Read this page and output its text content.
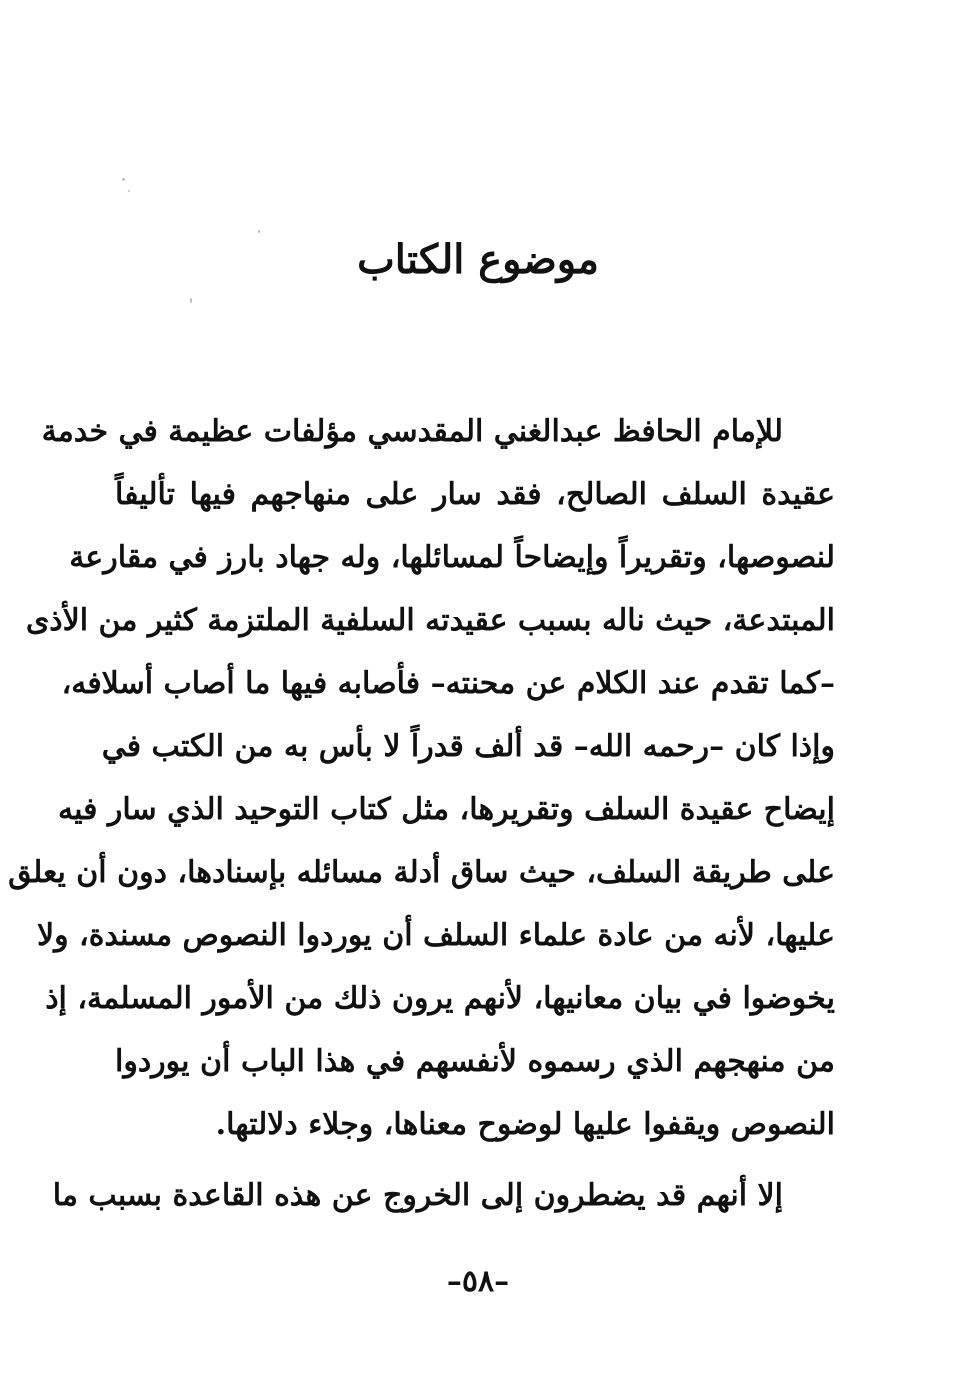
موضوع الكتاب
للإمام الحافظ عبدالغني المقدسي مؤلفات عظيمة في خدمة
عقيدة السلف الصالح، فقد سار على منهاجهم فيها تأليفاً
لنصوصها، وتقريراً وإيضاحاً لمسائلها، وله جهاد بارز في مقارعة
المبتدعة، حيث ناله بسبب عقيدته السلفية الملتزمة كثير من الأذى
–كما تقدم عند الكلام عن محنته– فأصابه فيها ما أصاب أسلافه،
وإذا كان –رحمه الله– قد ألف قدراً لا بأس به من الكتب في
إيضاح عقيدة السلف وتقريرها، مثل كتاب التوحيد الذي سار فيه
على طريقة السلف، حيث ساق أدلة مسائله بإسنادها، دون أن يعلق
عليها، لأنه من عادة علماء السلف أن يوردوا النصوص مسندة، ولا
يخوضوا في بيان معانيها، لأنهم يرون ذلك من الأمور المسلمة، إذ
من منهجهم الذي رسموه لأنفسهم في هذا الباب أن يوردوا
النصوص ويقفوا عليها لوضوح معناها، وجلاء دلالتها.
إلا أنهم قد يضطرون إلى الخروج عن هذه القاعدة بسبب ما
–٥٨–
